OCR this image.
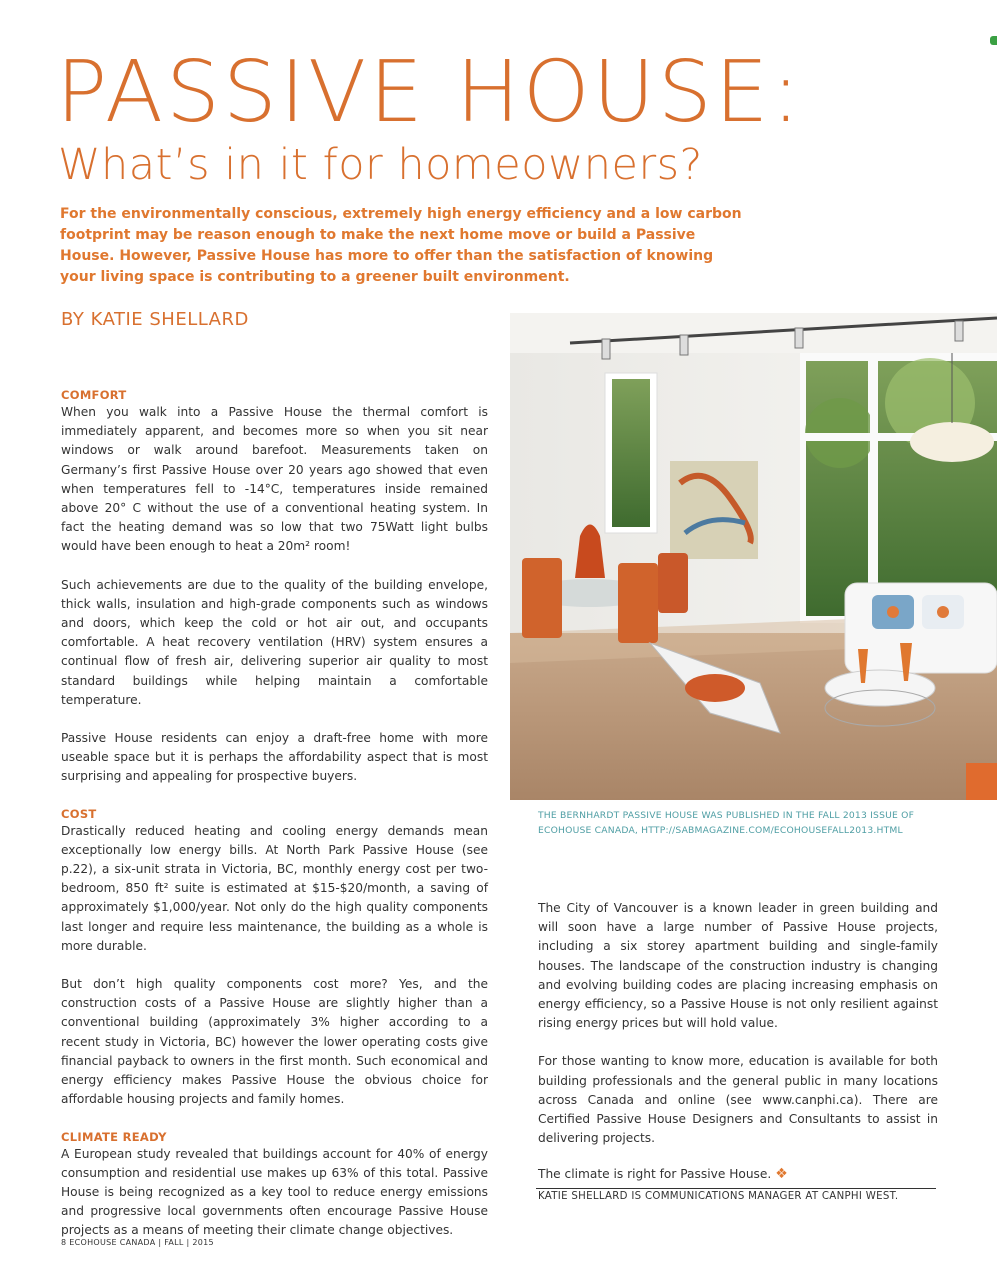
PASSIVE HOUSE:
What’s in it for homeowners?

For the environmentally conscious, extremely high energy efficiency and a low carbon footprint may be reason enough to make the next home move or build a Passive House. However, Passive House has more to offer than the satisfaction of knowing your living space is contributing to a greener built environment.

BY KATIE SHELLARD

COMFORT

When you walk into a Passive House the thermal comfort is immediately apparent, and becomes more so when you sit near windows or walk around barefoot. Measurements taken on Germany’s first Passive House over 20 years ago showed that even when temperatures fell to -14°C, temperatures inside remained above 20° C without the use of a conventional heating system. In fact the heating demand was so low that two 75Watt light bulbs would have been enough to heat a 20m² room!

Such achievements are due to the quality of the building envelope, thick walls, insulation and high-grade components such as windows and doors, which keep the cold or hot air out, and occupants comfortable. A heat recovery ventilation (HRV) system ensures a continual flow of fresh air, delivering superior air quality to most standard buildings while helping maintain a comfortable temperature.

Passive House residents can enjoy a draft-free home with more useable space but it is perhaps the affordability aspect that is most surprising and appealing for prospective buyers.

COST

Drastically reduced heating and cooling energy demands mean exceptionally low energy bills. At North Park Passive House (see p.22), a six-unit strata in Victoria, BC, monthly energy cost per two-bedroom, 850 ft² suite is estimated at $15-$20/month, a saving of approximately $1,000/year. Not only do the high quality components last longer and require less maintenance, the building as a whole is more durable.

But don’t high quality components cost more? Yes, and the construction costs of a Passive House are slightly higher than a conventional building (approximately 3% higher according to a recent study in Victoria, BC) however the lower operating costs give financial payback to owners in the first month. Such economical and energy efficiency makes Passive House the obvious choice for affordable housing projects and family homes.

CLIMATE READY

A European study revealed that buildings account for 40% of energy consumption and residential use makes up 63% of this total. Passive House is being recognized as a key tool to reduce energy emissions and progressive local governments often encourage Passive House projects as a means of meeting their climate change objectives.

THE BERNHARDT PASSIVE HOUSE WAS PUBLISHED IN THE FALL 2013 ISSUE OF ECOHOUSE CANADA, HTTP://SABMAGAZINE.COM/ECOHOUSEFALL2013.HTML

The City of Vancouver is a known leader in green building and will soon have a large number of Passive House projects, including a six storey apartment building and single-family houses. The landscape of the construction industry is changing and evolving building codes are placing increasing emphasis on energy efficiency, so a Passive House is not only resilient against rising energy prices but will hold value.

For those wanting to know more, education is available for both building professionals and the general public in many locations across Canada and online (see www.canphi.ca). There are Certified Passive House Designers and Consultants to assist in delivering projects.

The climate is right for Passive House. ❖

KATIE SHELLARD IS COMMUNICATIONS MANAGER AT CANPHI WEST.

8 ECOHOUSE CANADA | FALL | 2015
